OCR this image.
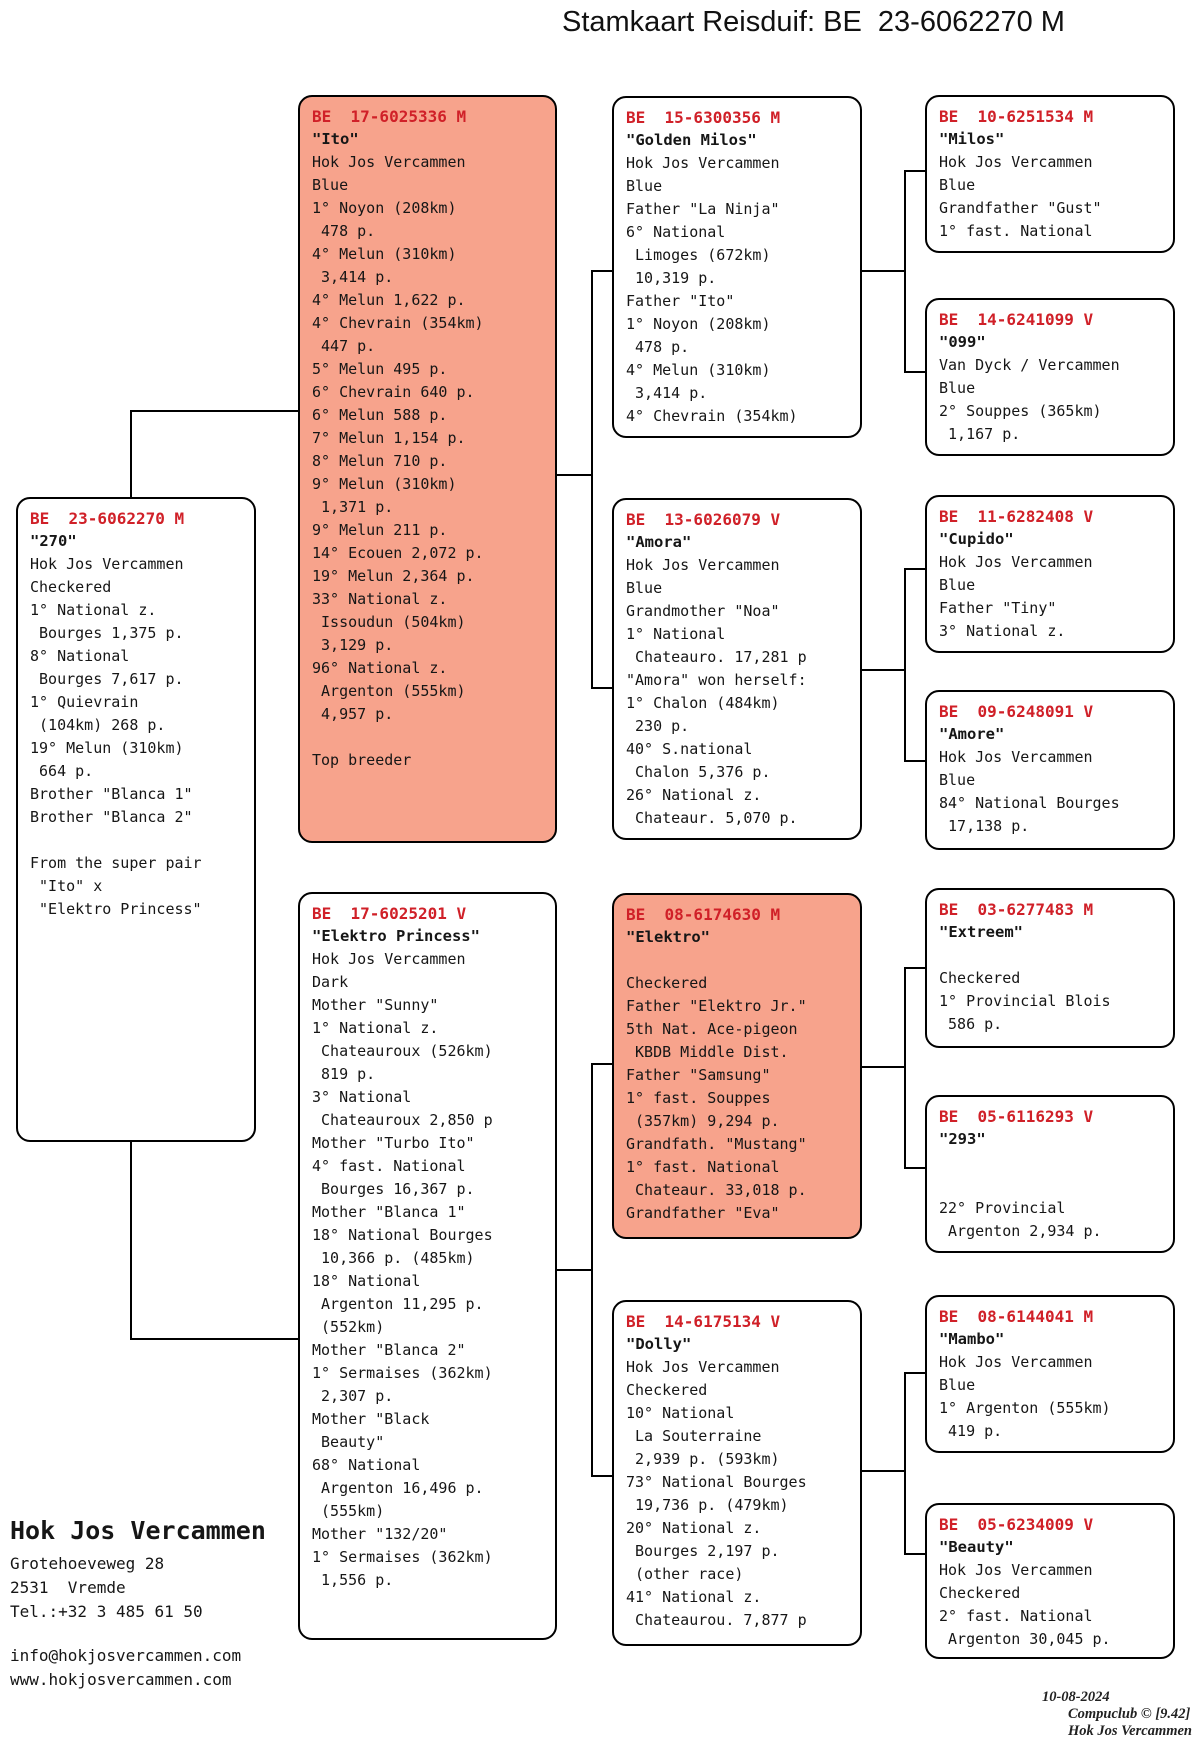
Stamkaart Reisduif: BE  23-6062270 M
BE  23-6062270 M
"270"
Hok Jos Vercammen
Checkered
1° National z.
Bourges 1,375 p.
8° National
Bourges 7,617 p.
1° Quievrain
(104km) 268 p.
19° Melun (310km)
664 p.
Brother "Blanca 1"
Brother "Blanca 2"

From the super pair
"Ito" x
"Elektro Princess"
BE  17-6025336 M
"Ito"
Hok Jos Vercammen
Blue
1° Noyon (208km)
478 p.
4° Melun (310km)
3,414 p.
4° Melun 1,622 p.
4° Chevrain (354km)
447 p.
5° Melun 495 p.
6° Chevrain 640 p.
6° Melun 588 p.
7° Melun 1,154 p.
8° Melun 710 p.
9° Melun (310km)
1,371 p.
9° Melun 211 p.
14° Ecouen 2,072 p.
19° Melun 2,364 p.
33° National z.
Issoudun (504km)
3,129 p.
96° National z.
Argenton (555km)
4,957 p.

Top breeder
BE  17-6025201 V
"Elektro Princess"
Hok Jos Vercammen
Dark
Mother "Sunny"
1° National z.
Chateauroux (526km)
819 p.
3° National
Chateauroux 2,850 p
Mother "Turbo Ito"
4° fast. National
Bourges 16,367 p.
Mother "Blanca 1"
18° National Bourges
10,366 p. (485km)
18° National
Argenton 11,295 p.
(552km)
Mother "Blanca 2"
1° Sermaises (362km)
2,307 p.
Mother "Black
Beauty"
68° National
Argenton 16,496 p.
(555km)
Mother "132/20"
1° Sermaises (362km)
1,556 p.
BE  15-6300356 M
"Golden Milos"
Hok Jos Vercammen
Blue
Father "La Ninja"
6° National
Limoges (672km)
10,319 p.
Father "Ito"
1° Noyon (208km)
478 p.
4° Melun (310km)
3,414 p.
4° Chevrain (354km)
BE  13-6026079 V
"Amora"
Hok Jos Vercammen
Blue
Grandmother "Noa"
1° National
Chateauro. 17,281 p
"Amora" won herself:
1° Chalon (484km)
230 p.
40° S.national
Chalon 5,376 p.
26° National z.
Chateaur. 5,070 p.
BE  08-6174630 M
"Elektro"

Checkered
Father "Elektro Jr."
5th Nat. Ace-pigeon
KBDB Middle Dist.
Father "Samsung"
1° fast. Souppes
(357km) 9,294 p.
Grandfath. "Mustang"
1° fast. National
Chateaur. 33,018 p.
Grandfather "Eva"
BE  14-6175134 V
"Dolly"
Hok Jos Vercammen
Checkered
10° National
La Souterraine
2,939 p. (593km)
73° National Bourges
19,736 p. (479km)
20° National z.
Bourges 2,197 p.
(other race)
41° National z.
Chateaurou. 7,877 p
BE  10-6251534 M
"Milos"
Hok Jos Vercammen
Blue
Grandfather "Gust"
1° fast. National
BE  14-6241099 V
"099"
Van Dyck / Vercammen
Blue
2° Souppes (365km)
1,167 p.
BE  11-6282408 V
"Cupido"
Hok Jos Vercammen
Blue
Father "Tiny"
3° National z.
BE  09-6248091 V
"Amore"
Hok Jos Vercammen
Blue
84° National Bourges
17,138 p.
BE  03-6277483 M
"Extreem"

Checkered
1° Provincial Blois
586 p.
BE  05-6116293 V
"293"

22° Provincial
Argenton 2,934 p.
BE  08-6144041 M
"Mambo"
Hok Jos Vercammen
Blue
1° Argenton (555km)
419 p.
BE  05-6234009 V
"Beauty"
Hok Jos Vercammen
Checkered
2° fast. National
Argenton 30,045 p.
Hok Jos Vercammen
Grotehoeveweg 28
2531  Vremde
Tel.:+32 3 485 61 50
info@hokjosvercammen.com
www.hokjosvercammen.com

10-08-2024
Compuclub © [9.42]
Hok Jos Vercammen
